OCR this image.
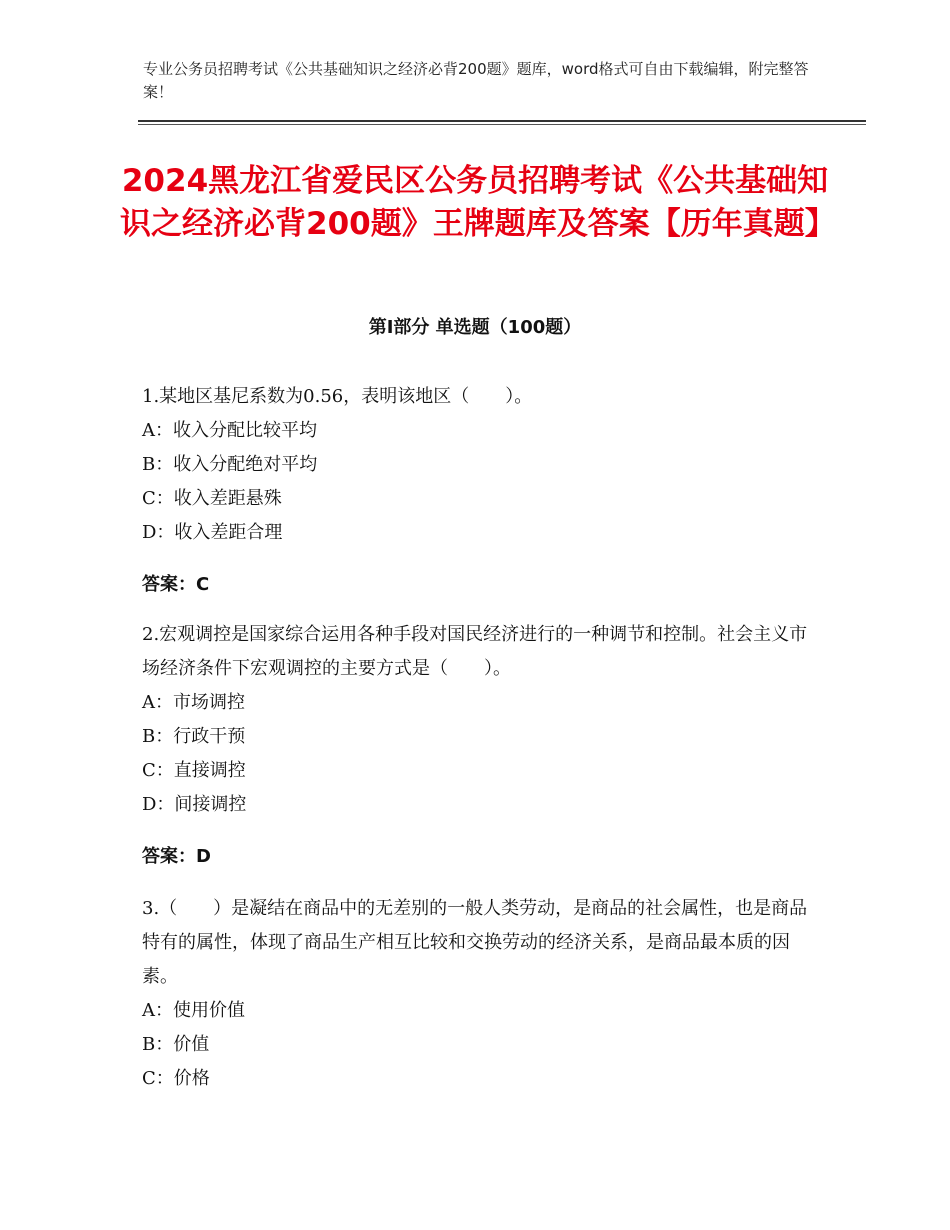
专业公务员招聘考试《公共基础知识之经济必背200题》题库，word格式可自由下载编辑，附完整答案！
2024黑龙江省爱民区公务员招聘考试《公共基础知识之经济必背200题》王牌题库及答案【历年真题】
第Ⅰ部分 单选题（100题）

1.某地区基尼系数为0.56，表明该地区（　　）。

A：收入分配比较平均

B：收入分配绝对平均

C：收入差距悬殊

D：收入差距合理

答案：C

2.宏观调控是国家综合运用各种手段对国民经济进行的一种调节和控制。社会主义市场经济条件下宏观调控的主要方式是（　　）。

A：市场调控

B：行政干预

C：直接调控

D：间接调控

答案：D

3.（　　）是凝结在商品中的无差别的一般人类劳动，是商品的社会属性，也是商品特有的属性，体现了商品生产相互比较和交换劳动的经济关系，是商品最本质的因素。

A：使用价值

B：价值

C：价格
